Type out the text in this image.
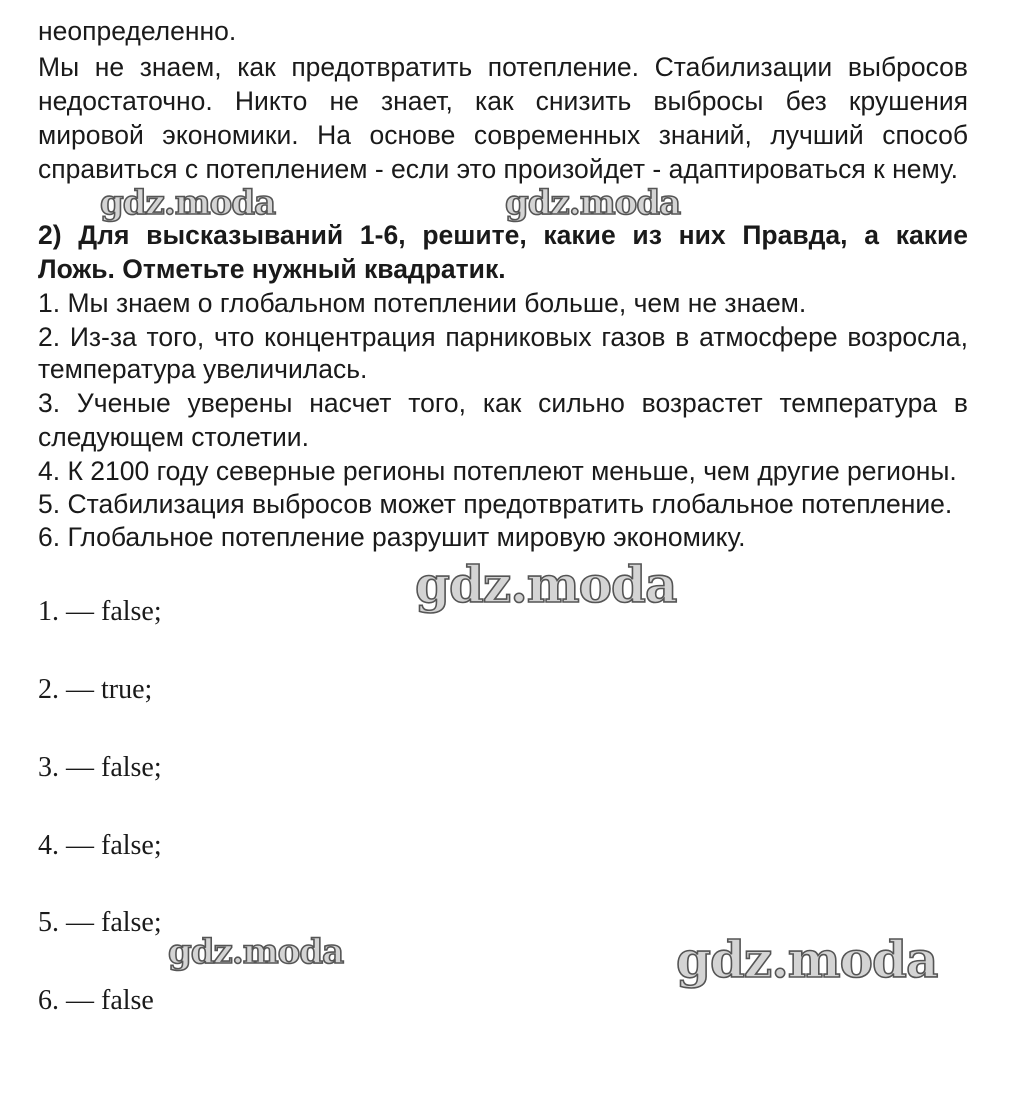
неопределенно.
Мы не знаем, как предотвратить потепление. Стабилизации выбросов
недостаточно. Никто не знает, как снизить выбросы без крушения
мировой экономики. На основе современных знаний, лучший способ
справиться с потеплением - если это произойдет - адаптироваться к нему.
2) Для высказываний 1-6, решите, какие из них Правда, а какие
Ложь. Отметьте нужный квадратик.
1. Мы знаем о глобальном потеплении больше, чем не знаем.
2. Из-за того, что концентрация парниковых газов в атмосфере возросла,
температура увеличилась.
3. Ученые уверены насчет того, как сильно возрастет температура в
следующем столетии.
4. К 2100 году северные регионы потеплеют меньше, чем другие регионы.
5. Стабилизация выбросов может предотвратить глобальное потепление.
6. Глобальное потепление разрушит мировую экономику.
1. — false;
2. — true;
3. — false;
4. — false;
5. — false;
6. — false
gdz.moda	gdz.moda
gdz.moda
gdz.moda	gdz.moda
